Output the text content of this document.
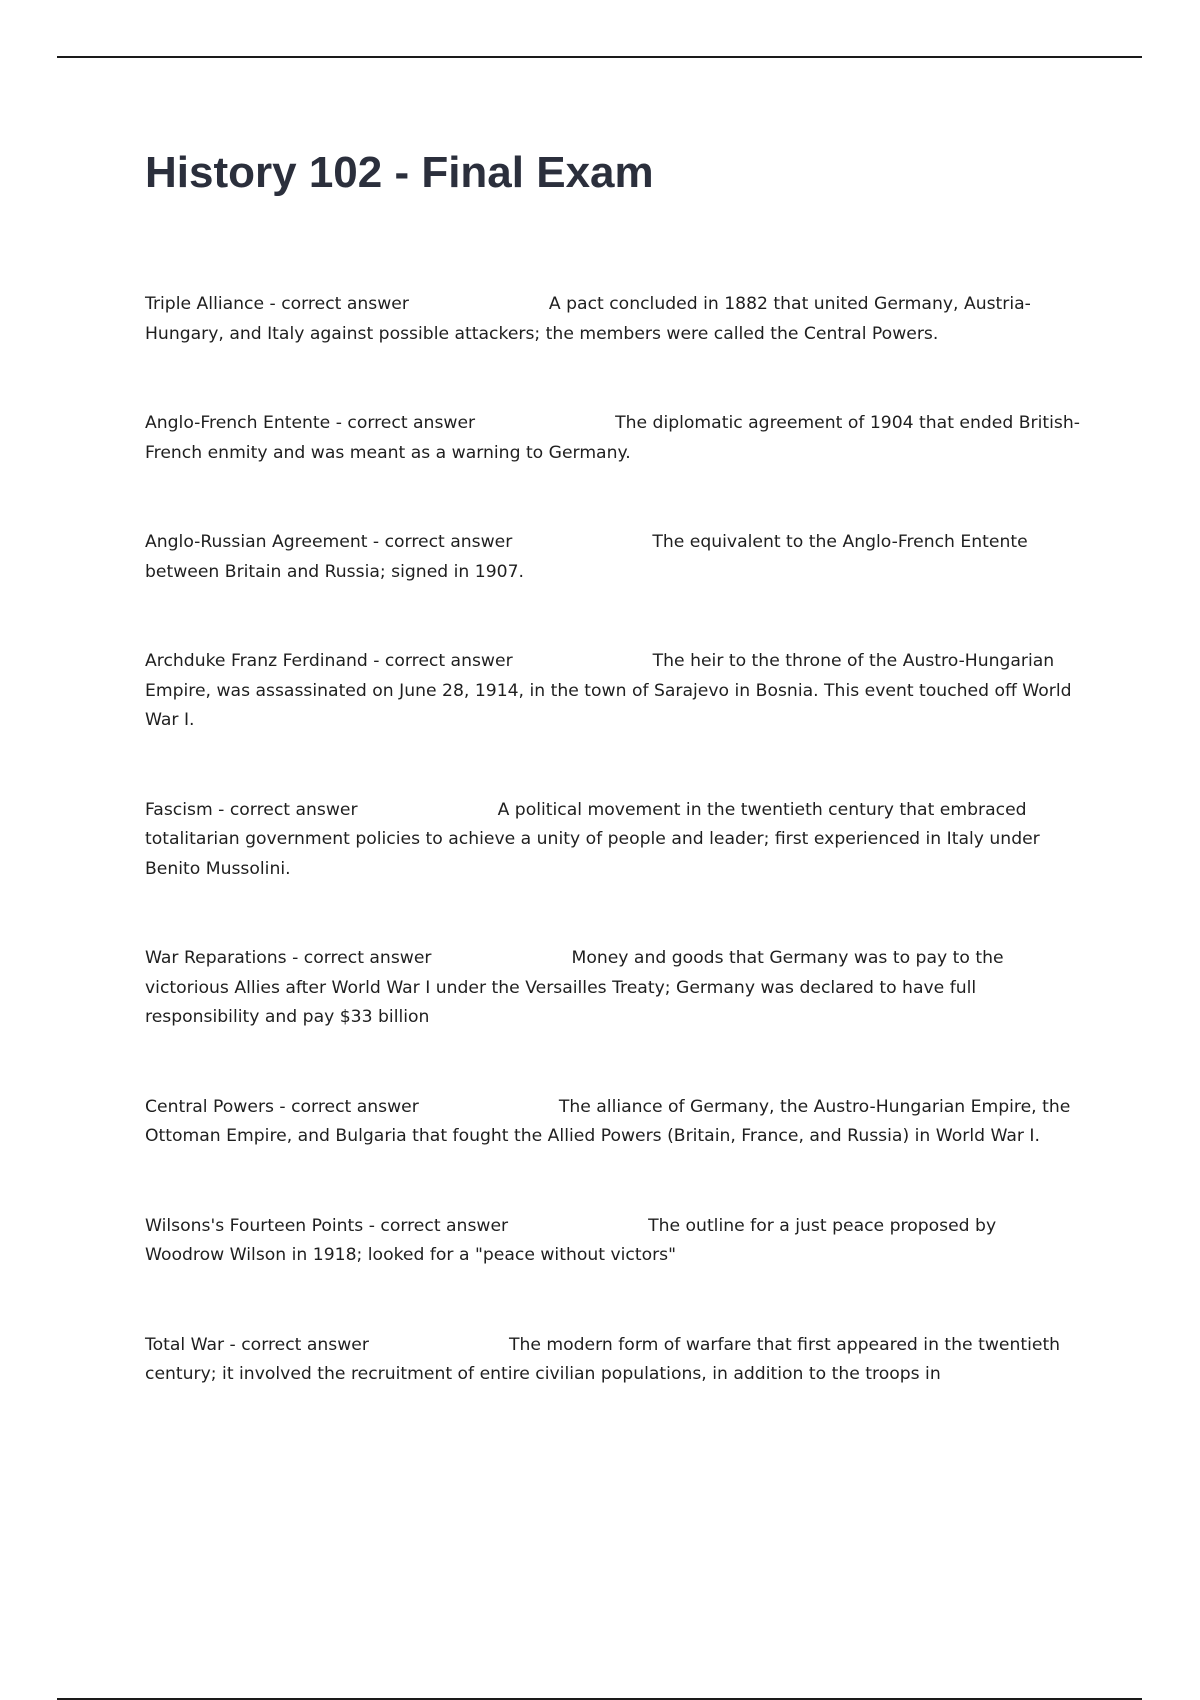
History 102 - Final Exam

Triple Alliance - correct answer	A pact concluded in 1882 that united Germany, Austria-Hungary, and Italy against possible attackers; the members were called the Central Powers.

Anglo-French Entente - correct answer	The diplomatic agreement of 1904 that ended British-French enmity and was meant as a warning to Germany.

Anglo-Russian Agreement - correct answer	The equivalent to the Anglo-French Entente between Britain and Russia; signed in 1907.

Archduke Franz Ferdinand - correct answer	The heir to the throne of the Austro-Hungarian Empire, was assassinated on June 28, 1914, in the town of Sarajevo in Bosnia. This event touched off World War I.

Fascism - correct answer	A political movement in the twentieth century that embraced totalitarian government policies to achieve a unity of people and leader; first experienced in Italy under Benito Mussolini.

War Reparations - correct answer	Money and goods that Germany was to pay to the victorious Allies after World War I under the Versailles Treaty; Germany was declared to have full responsibility and pay $33 billion

Central Powers - correct answer	The alliance of Germany, the Austro-Hungarian Empire, the Ottoman Empire, and Bulgaria that fought the Allied Powers (Britain, France, and Russia) in World War I.

Wilsons's Fourteen Points - correct answer	The outline for a just peace proposed by Woodrow Wilson in 1918; looked for a "peace without victors"

Total War - correct answer	The modern form of warfare that first appeared in the twentieth century; it involved the recruitment of entire civilian populations, in addition to the troops in
